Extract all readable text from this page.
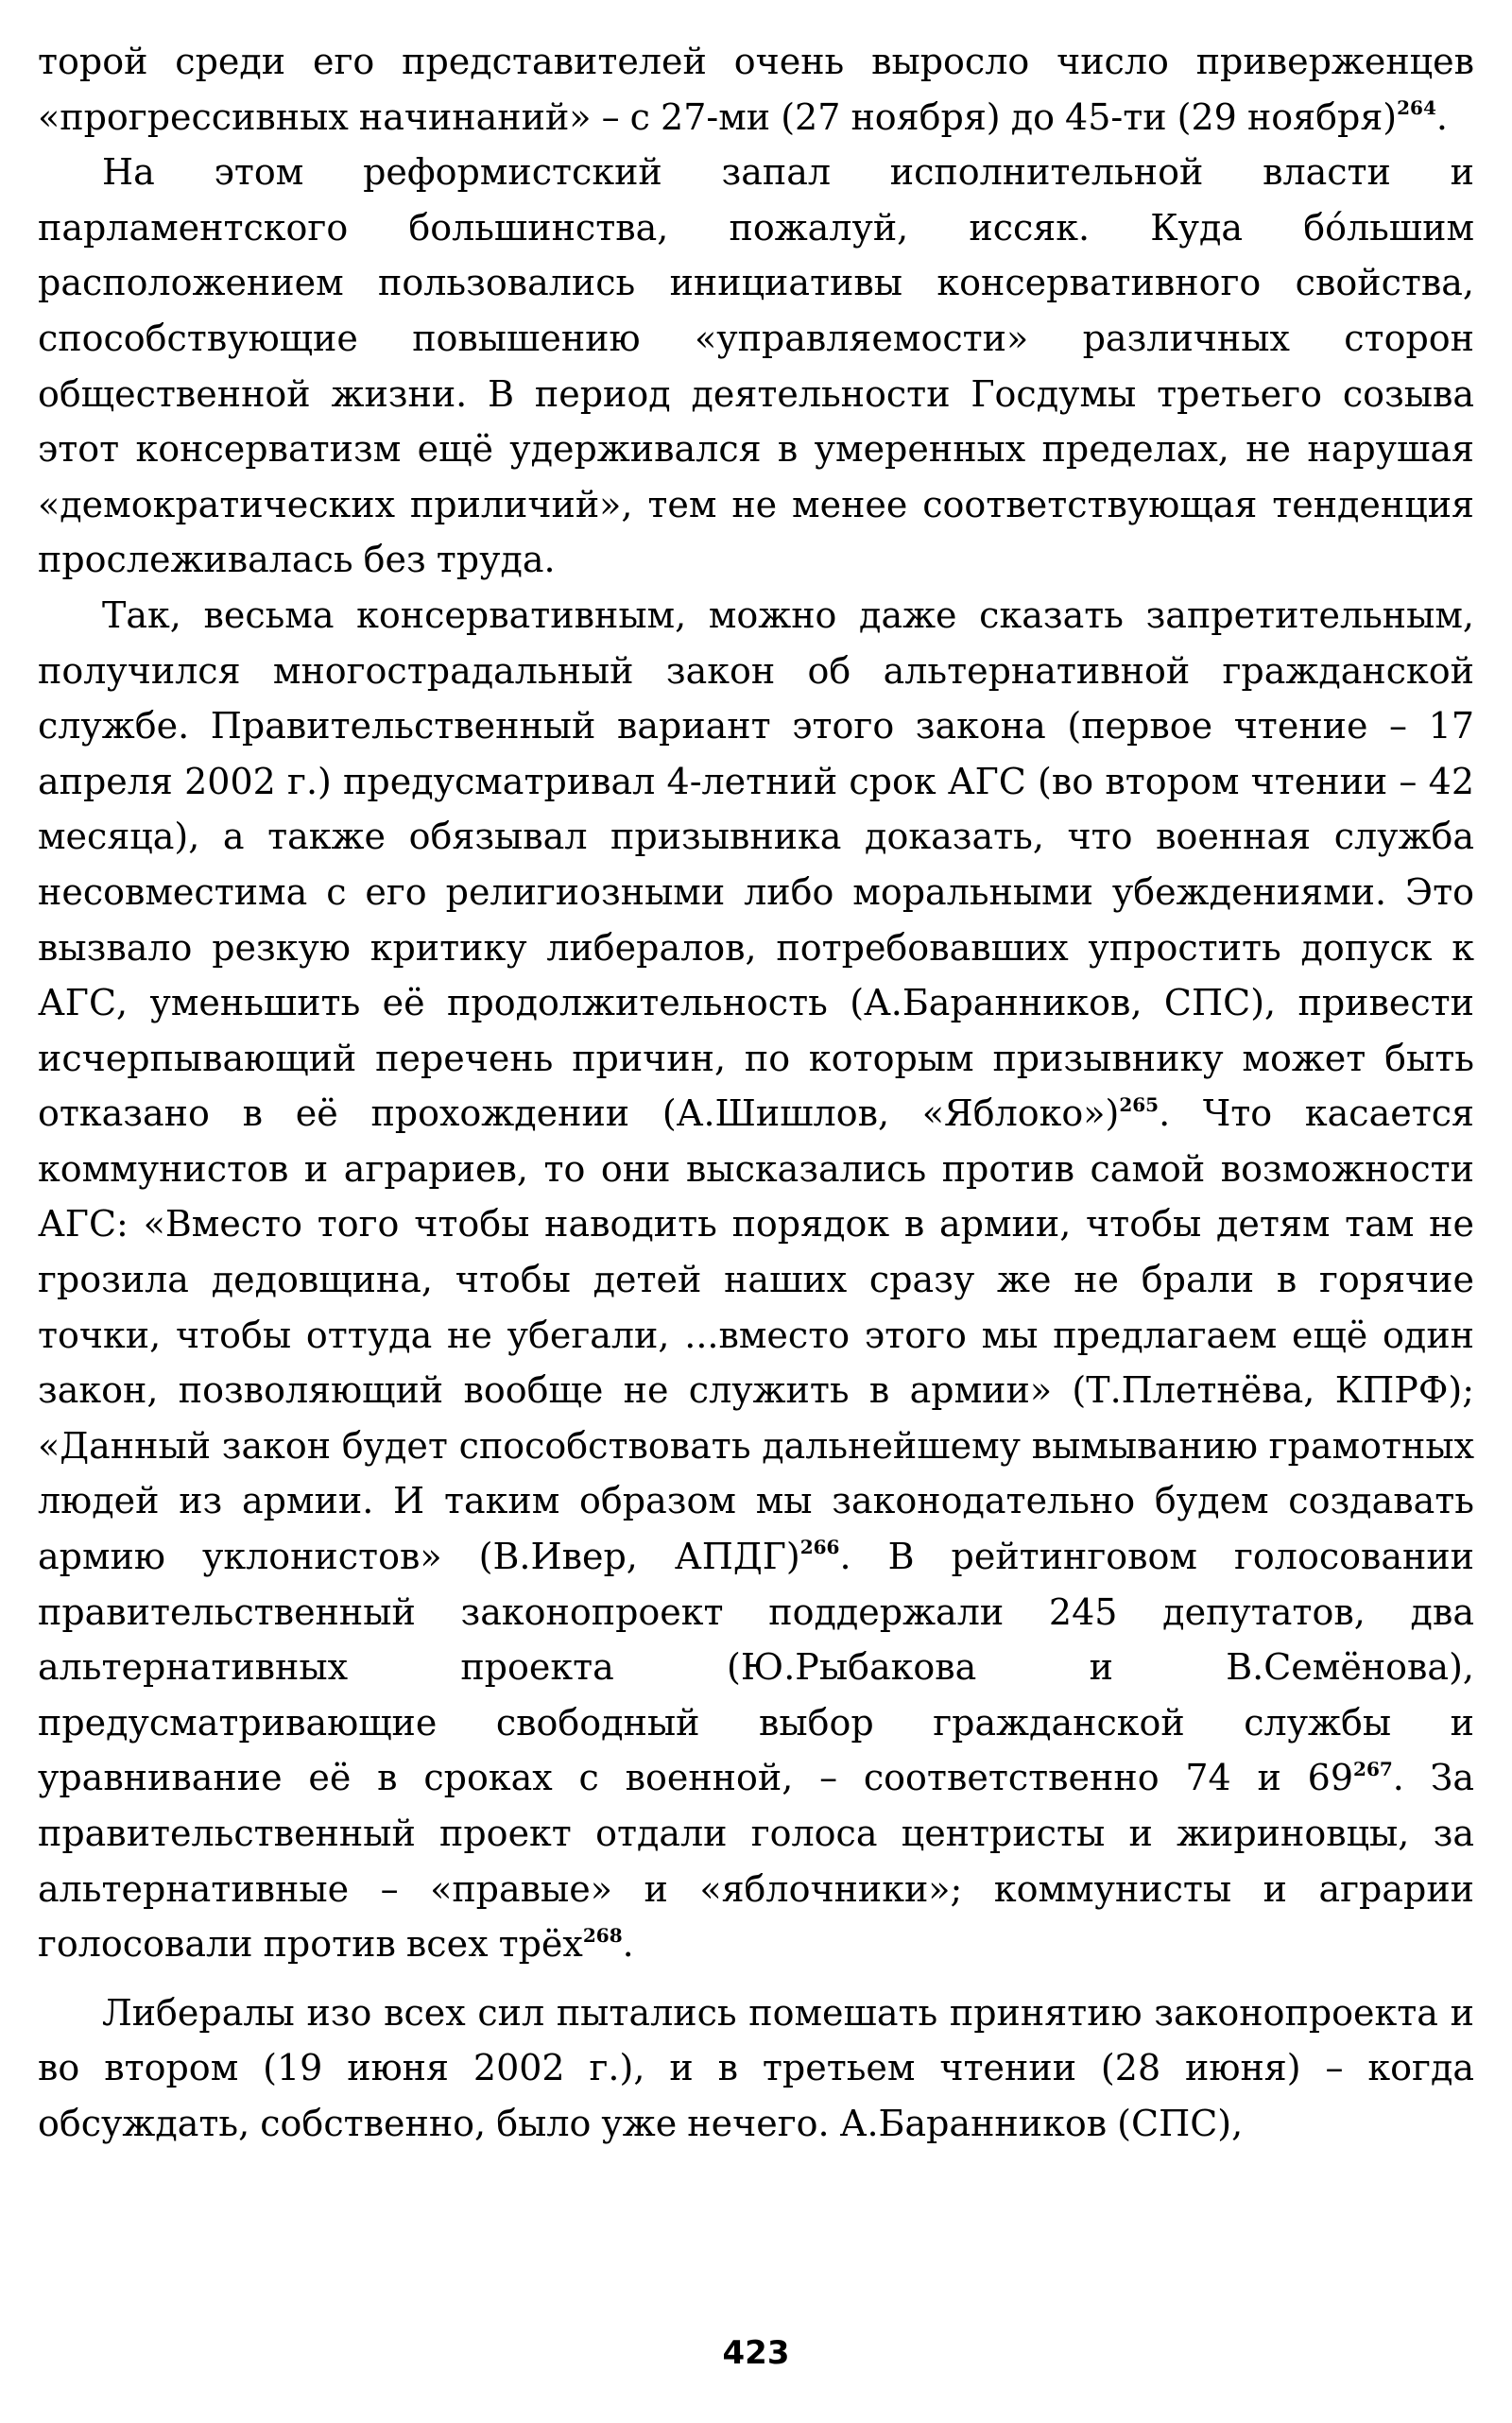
торой среди его представителей очень выросло число приверженцев «прогрессивных начинаний» – с 27-ми (27 ноября) до 45-ти (29 ноября)$^{264}$.

На этом реформистский запал исполнительной власти и парламентского большинства, пожалуй, иссяк. Куда бóльшим расположением пользовались инициативы консервативного свойства, способствующие повышению «управляемости» различных сторон общественной жизни. В период деятельности Госдумы третьего созыва этот консерватизм ещё удерживался в умеренных пределах, не нарушая «демократических приличий», тем не менее соответствующая тенденция прослеживалась без труда.

Так, весьма консервативным, можно даже сказать запретительным, получился многострадальный закон об альтернативной гражданской службе. Правительственный вариант этого закона (первое чтение – 17 апреля 2002 г.) предусматривал 4-летний срок АГС (во втором чтении – 42 месяца), а также обязывал призывника доказать, что военная служба несовместима с его религиозными либо моральными убеждениями. Это вызвало резкую критику либералов, потребовавших упростить допуск к АГС, уменьшить её продолжительность (А.Баранников, СПС), привести исчерпывающий перечень причин, по которым призывнику может быть отказано в её прохождении (А.Шишлов, «Яблоко»)$^{265}$. Что касается коммунистов и аграриев, то они высказались против самой возможности АГС: «Вместо того чтобы наводить порядок в армии, чтобы детям там не грозила дедовщина, чтобы детей наших сразу же не брали в горячие точки, чтобы оттуда не убегали, ...вместо этого мы предлагаем ещё один закон, позволяющий вообще не служить в армии» (Т.Плетнёва, КПРФ); «Данный закон будет способствовать дальнейшему вымыванию грамотных людей из армии. И таким образом мы законодательно будем создавать армию уклонистов» (В.Ивер, АПДГ)$^{266}$. В рейтинговом голосовании правительственный законопроект поддержали 245 депутатов, два альтернативных проекта (Ю.Рыбакова и В.Семёнова), предусматривающие свободный выбор гражданской службы и уравнивание её в сроках с военной, – соответственно 74 и 69$^{267}$. За правительственный проект отдали голоса центристы и жириновцы, за альтернативные – «правые» и «яблочники»; коммунисты и аграрии голосовали против всех трёх$^{268}$.

Либералы изо всех сил пытались помешать принятию законопроекта и во втором (19 июня 2002 г.), и в третьем чтении (28 июня) – когда обсуждать, собственно, было уже нечего. А.Баранников (СПС),

423
